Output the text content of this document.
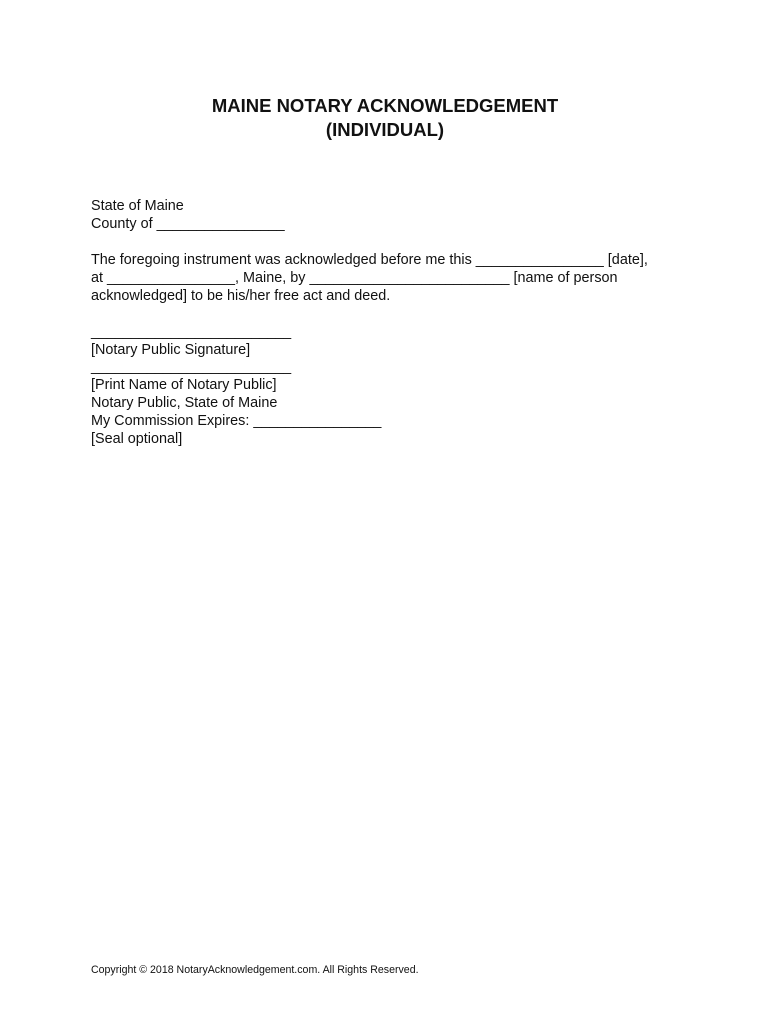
MAINE NOTARY ACKNOWLEDGEMENT
(INDIVIDUAL)
State of Maine
County of ________________
The foregoing instrument was acknowledged before me this ________________ [date],
at ________________, Maine, by _________________________ [name of person
acknowledged] to be his/her free act and deed.
_________________________
[Notary Public Signature]
_________________________
[Print Name of Notary Public]
Notary Public, State of Maine
My Commission Expires: ________________
[Seal optional]
Copyright © 2018 NotaryAcknowledgement.com. All Rights Reserved.
